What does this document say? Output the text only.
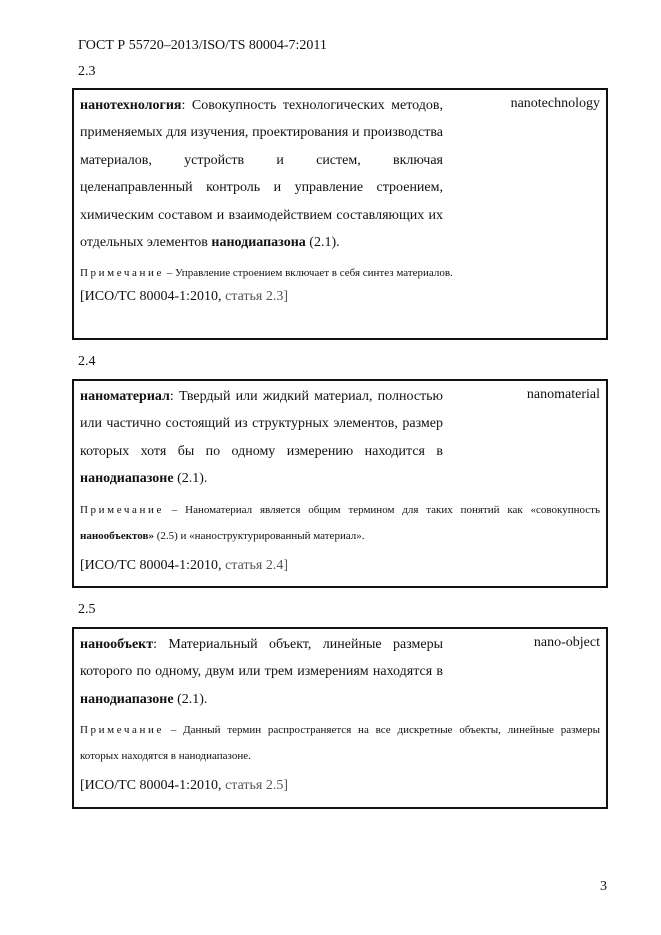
ГОСТ Р 55720–2013/ISO/TS 80004-7:2011
2.3
нанотехнология: Совокупность технологических методов, применяемых для изучения, проектирования и производства материалов, устройств и систем, включая целенаправленный контроль и управление строением, химическим составом и взаимодействием составляющих их отдельных элементов нанодиапазона (2.1).
nanotechnology
Примечание – Управление строением включает в себя синтез материалов.
[ИСО/ТС 80004-1:2010, статья 2.3]
2.4
наноматериал: Твердый или жидкий материал, полностью или частично состоящий из структурных элементов, размер которых хотя бы по одному измерению находится в нанодиапазоне (2.1).
nanomaterial
Примечание – Наноматериал является общим термином для таких понятий как «совокупность нанообъектов» (2.5) и «наноструктурированный материал».
[ИСО/ТС 80004-1:2010, статья 2.4]
2.5
нанообъект: Материальный объект, линейные размеры которого по одному, двум или трем измерениям находятся в нанодиапазоне (2.1).
nano-object
Примечание – Данный термин распространяется на все дискретные объекты, линейные размеры которых находятся в нанодиапазоне.
[ИСО/ТС 80004-1:2010, статья 2.5]
3
